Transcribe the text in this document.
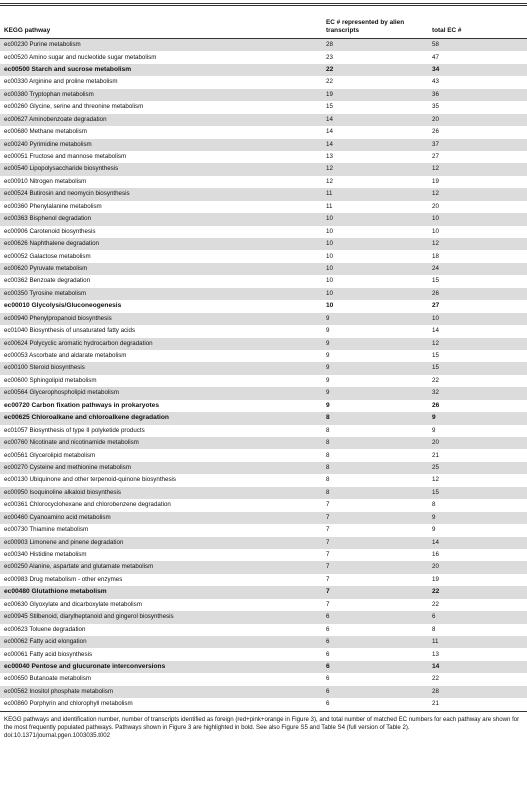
KEGG pathway	EC # represented by alien transcripts	total EC #
ec00230 Purine metabolism	28	58
ec00520 Amino sugar and nucleotide sugar metabolism	23	47
ec00500 Starch and sucrose metabolism	22	34
ec00330 Arginine and proline metabolism	22	43
ec00380 Tryptophan metabolism	19	36
ec00260 Glycine, serine and threonine metabolism	15	35
ec00627 Aminobenzoate degradation	14	20
ec00680 Methane metabolism	14	26
ec00240 Pyrimidine metabolism	14	37
ec00051 Fructose and mannose metabolism	13	27
ec00540 Lipopolysaccharide biosynthesis	12	12
ec00910 Nitrogen metabolism	12	19
ec00524 Butirosin and neomycin biosynthesis	11	12
ec00360 Phenylalanine metabolism	11	20
ec00363 Bisphenol degradation	10	10
ec00906 Carotenoid biosynthesis	10	10
ec00626 Naphthalene degradation	10	12
ec00052 Galactose metabolism	10	18
ec00620 Pyruvate metabolism	10	24
ec00362 Benzoate degradation	10	15
ec00350 Tyrosine metabolism	10	26
ec00010 Glycolysis/Gluconeogenesis	10	27
ec00940 Phenylpropanoid biosynthesis	9	10
ec01040 Biosynthesis of unsaturated fatty acids	9	14
ec00624 Polycyclic aromatic hydrocarbon degradation	9	12
ec00053 Ascorbate and aldarate metabolism	9	15
ec00100 Steroid biosynthesis	9	15
ec00600 Sphingolipid metabolism	9	22
ec00564 Glycerophospholipid metabolism	9	32
ec00720 Carbon fixation pathways in prokaryotes	9	26
ec00625 Chloroalkane and chloroalkene degradation	8	9
ec01057 Biosynthesis of type II polyketide products	8	9
ec00760 Nicotinate and nicotinamide metabolism	8	20
ec00561 Glycerolipid metabolism	8	21
ec00270 Cysteine and methionine metabolism	8	25
ec00130 Ubiquinone and other terpenoid-quinone biosynthesis	8	12
ec00950 Isoquinoline alkaloid biosynthesis	8	15
ec00361 Chlorocyclohexane and chlorobenzene degradation	7	8
ec00460 Cyanoamino acid metabolism	7	9
ec00730 Thiamine metabolism	7	9
ec00903 Limonene and pinene degradation	7	14
ec00340 Histidine metabolism	7	16
ec00250 Alanine, aspartate and glutamate metabolism	7	20
ec00983 Drug metabolism - other enzymes	7	19
ec00480 Glutathione metabolism	7	22
ec00630 Glyoxylate and dicarboxylate metabolism	7	22
ec00945 Stilbenoid, diarylheptanoid and gingerol biosynthesis	6	6
ec00623 Toluene degradation	6	8
ec00062 Fatty acid elongation	6	11
ec00061 Fatty acid biosynthesis	6	13
ec00040 Pentose and glucuronate interconversions	6	14
ec00650 Butanoate metabolism	6	22
ec00562 Inositol phosphate metabolism	6	28
ec00860 Porphyrin and chlorophyll metabolism	6	21
KEGG pathways and identification number, number of transcripts identified as foreign (red+pink+orange in Figure 3), and total number of matched EC numbers for each pathway are shown for the most frequently populated pathways. Pathways shown in Figure 3 are highlighted in bold. See also Figure S5 and Table S4 (full version of Table 2).
doi:10.1371/journal.pgen.1003035.t002
